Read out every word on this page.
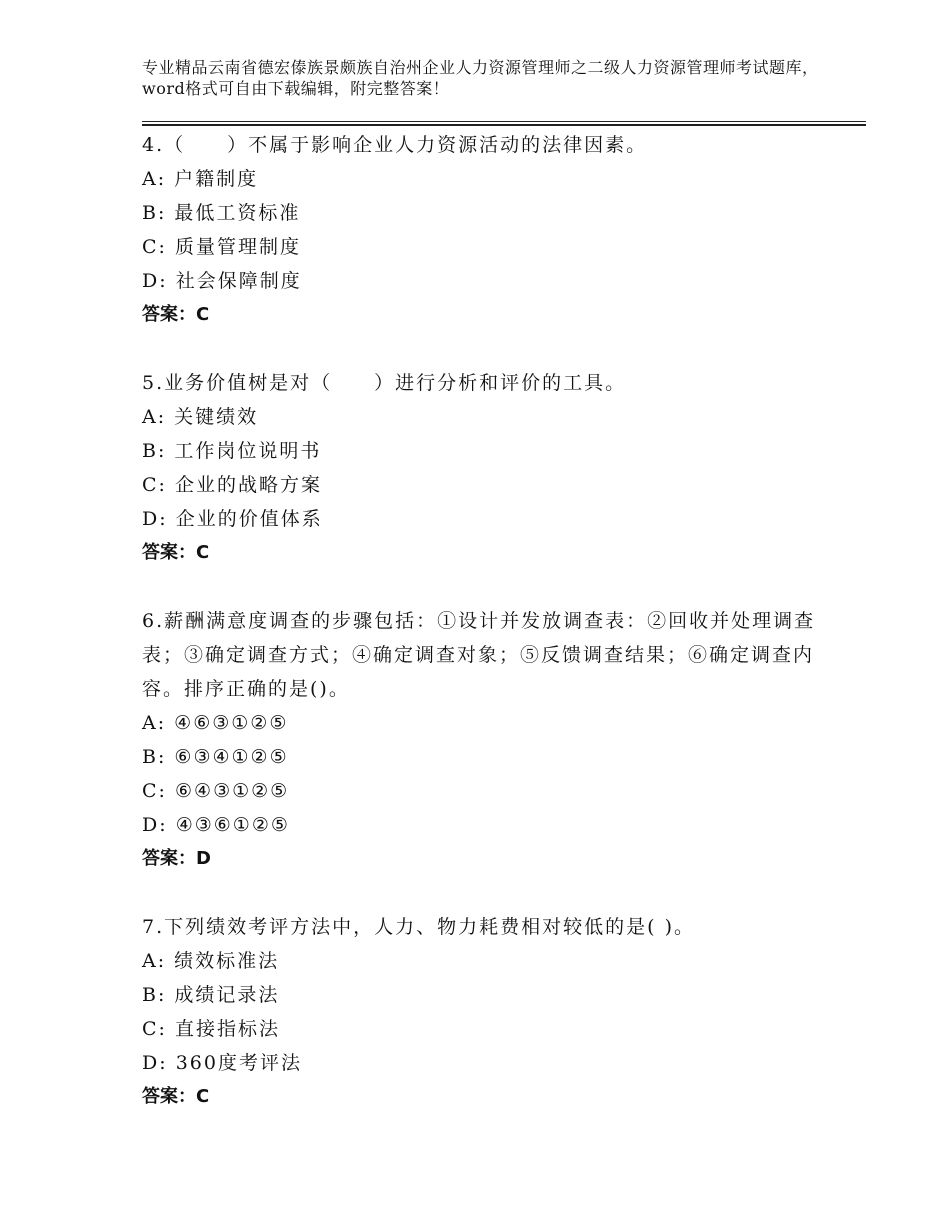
专业精品云南省德宏傣族景颇族自治州企业人力资源管理师之二级人力资源管理师考试题库，word格式可自由下载编辑，附完整答案！

4.（　　）不属于影响企业人力资源活动的法律因素。

A: 户籍制度

B: 最低工资标准

C: 质量管理制度

D: 社会保障制度

答案：C

5.业务价值树是对（　　）进行分析和评价的工具。

A: 关键绩效

B: 工作岗位说明书

C: 企业的战略方案

D: 企业的价值体系

答案：C

6.薪酬满意度调查的步骤包括：①设计并发放调查表：②回收并处理调查表；③确定调查方式；④确定调查对象；⑤反馈调查结果；⑥确定调查内容。排序正确的是()。

A: ④⑥③①②⑤

B: ⑥③④①②⑤

C: ⑥④③①②⑤

D: ④③⑥①②⑤

答案：D

7.下列绩效考评方法中，人力、物力耗费相对较低的是( )。

A: 绩效标准法

B: 成绩记录法

C: 直接指标法

D: 360度考评法

答案：C
